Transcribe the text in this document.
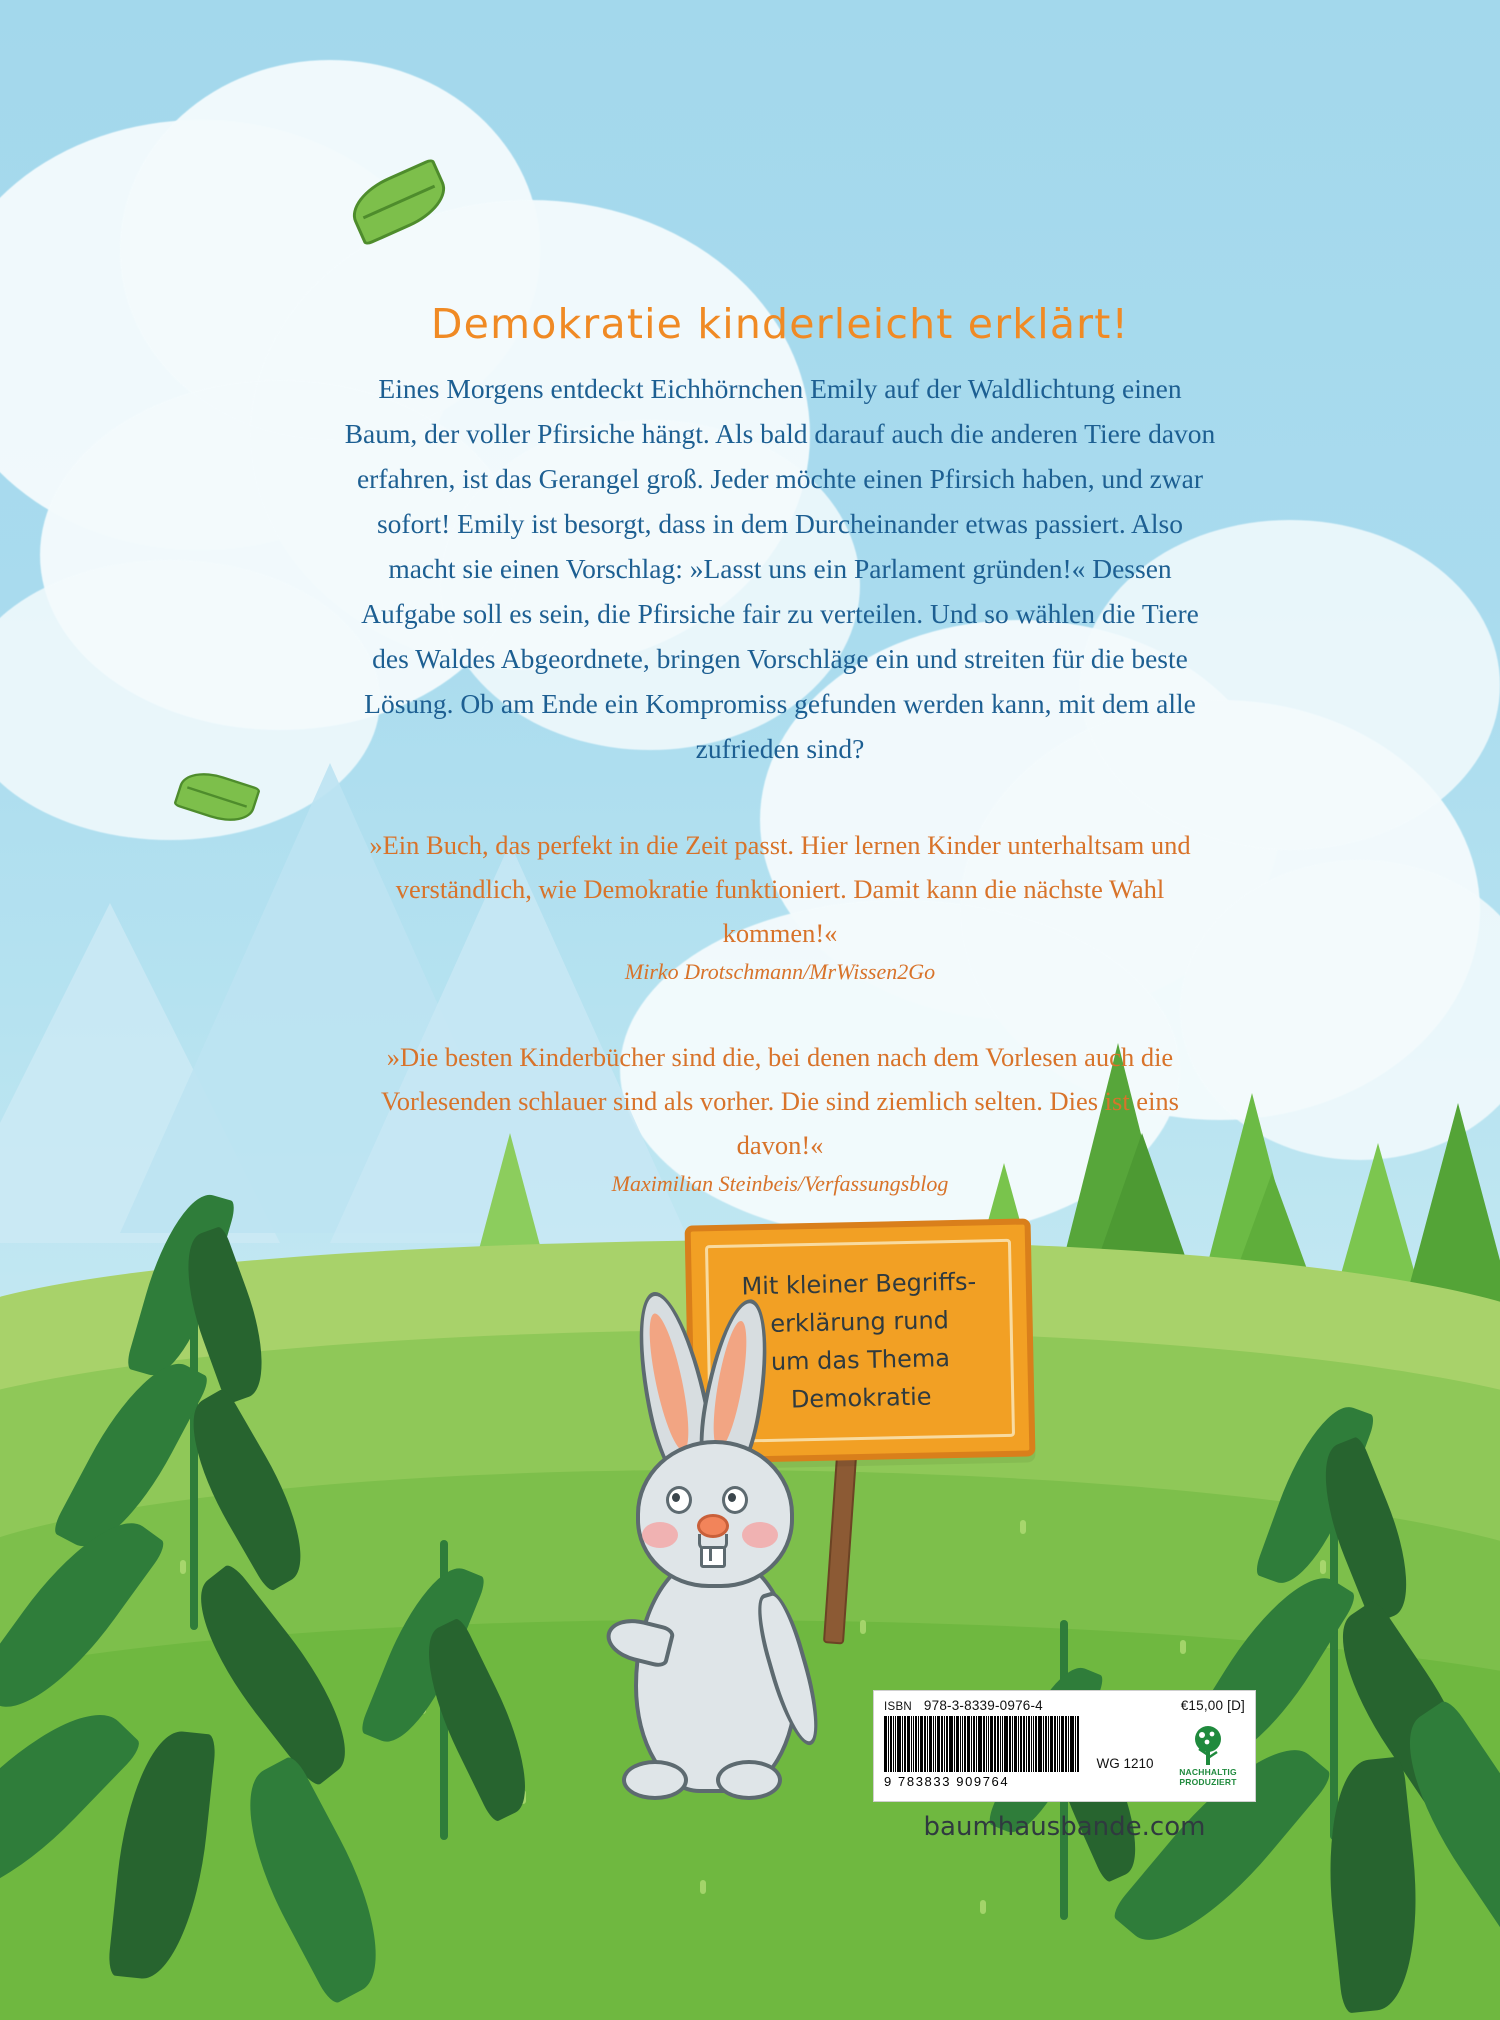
Demokratie kinderleicht erklärt!

Eines Morgens entdeckt Eichhörnchen Emily auf der Waldlichtung einen Baum, der voller Pfirsiche hängt. Als bald darauf auch die anderen Tiere davon erfahren, ist das Gerangel groß. Jeder möchte einen Pfirsich haben, und zwar sofort! Emily ist besorgt, dass in dem Durcheinander etwas passiert. Also macht sie einen Vorschlag: »Lasst uns ein Parlament gründen!« Dessen Aufgabe soll es sein, die Pfirsiche fair zu verteilen. Und so wählen die Tiere des Waldes Abgeordnete, bringen Vorschläge ein und streiten für die beste Lösung. Ob am Ende ein Kompromiss gefunden werden kann, mit dem alle zufrieden sind?

»Ein Buch, das perfekt in die Zeit passt. Hier lernen Kinder unterhaltsam und verständlich, wie Demokratie funktioniert. Damit kann die nächste Wahl kommen!«

Mirko Drotschmann/MrWissen2Go

»Die besten Kinderbücher sind die, bei denen nach dem Vorlesen auch die Vorlesenden schlauer sind als vorher. Die sind ziemlich selten. Dies ist eins davon!«

Maximilian Steinbeis/Verfassungsblog
Mit kleiner Begriffs-
erklärung rund
um das Thema
Demokratie
ISBN 978-3-8339-0976-4	€15,00 [D]
9 783833 909764
WG 1210
NACHHALTIG
PRODUZIERT
baumhausbande.com
